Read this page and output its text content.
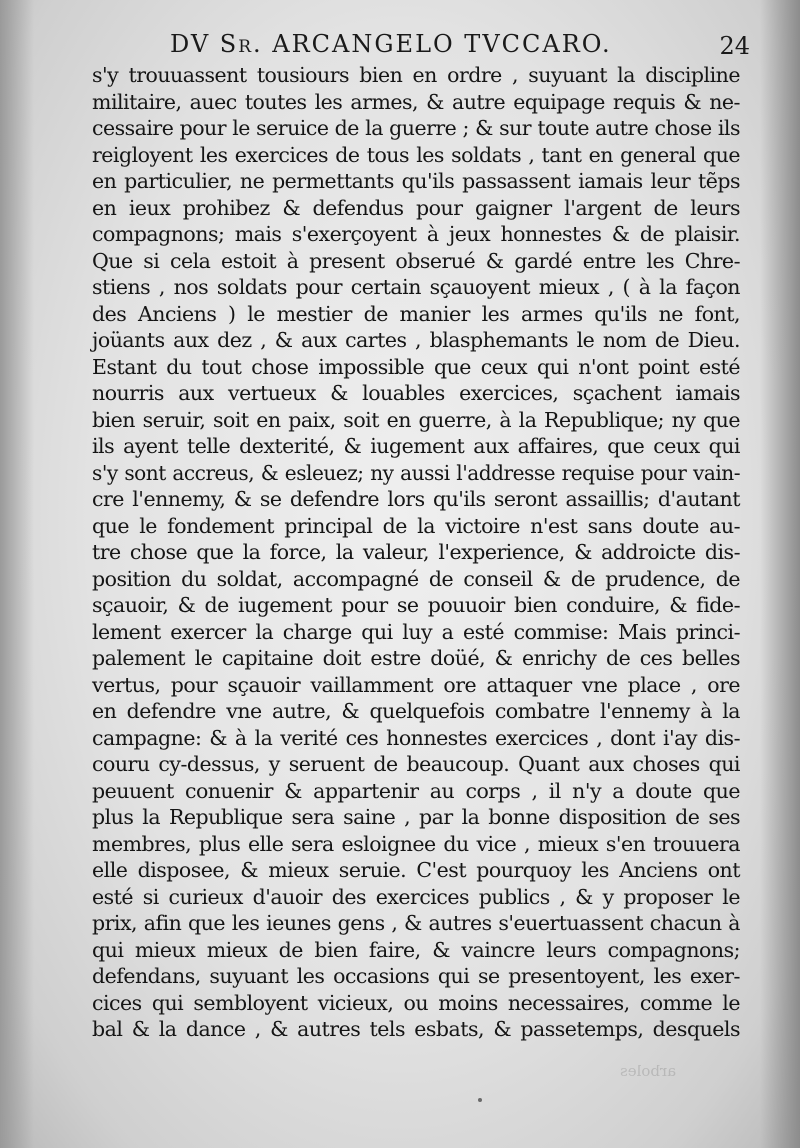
arboles
DV Sr. ARCANGELO TVCCARO.	24
s'y trouuassent tousiours bien en ordre , suyuant la discipline
militaire, auec toutes les armes, & autre equipage requis & ne-
cessaire pour le seruice de la guerre ; & sur toute autre chose ils
reigloyent les exercices de tous les soldats , tant en general que
en particulier, ne permettants qu'ils passassent iamais leur tẽps
en ieux prohibez & defendus pour gaigner l'argent de leurs
compagnons; mais s'exerçoyent à jeux honnestes & de plaisir.
Que si cela estoit à present obserué & gardé entre les Chre-
stiens , nos soldats pour certain sçauoyent mieux , ( à la façon
des Anciens ) le mestier de manier les armes qu'ils ne font,
joüants aux dez , & aux cartes , blasphemants le nom de Dieu.
Estant du tout chose impossible que ceux qui n'ont point esté
nourris aux vertueux & louables exercices, sçachent iamais
bien seruir, soit en paix, soit en guerre, à la Republique; ny que
ils ayent telle dexterité, & iugement aux affaires, que ceux qui
s'y sont accreus, & esleuez; ny aussi l'addresse requise pour vain-
cre l'ennemy, & se defendre lors qu'ils seront assaillis; d'autant
que le fondement principal de la victoire n'est sans doute au-
tre chose que la force, la valeur, l'experience, & addroicte dis-
position du soldat, accompagné de conseil & de prudence, de
sçauoir, & de iugement pour se pouuoir bien conduire, & fide-
lement exercer la charge qui luy a esté commise: Mais princi-
palement le capitaine doit estre doüé, & enrichy de ces belles
vertus, pour sçauoir vaillamment ore attaquer vne place , ore
en defendre vne autre, & quelquefois combatre l'ennemy à la
campagne: & à la verité ces honnestes exercices , dont i'ay dis-
couru cy-dessus, y seruent de beaucoup. Quant aux choses qui
peuuent conuenir & appartenir au corps , il n'y a doute que
plus la Republique sera saine , par la bonne disposition de ses
membres, plus elle sera esloignee du vice , mieux s'en trouuera
elle disposee, & mieux seruie. C'est pourquoy les Anciens ont
esté si curieux d'auoir des exercices publics , & y proposer le
prix, afin que les ieunes gens , & autres s'euertuassent chacun à
qui mieux mieux de bien faire, & vaincre leurs compagnons;
defendans, suyuant les occasions qui se presentoyent, les exer-
cices qui sembloyent vicieux, ou moins necessaires, comme le
bal & la dance , & autres tels esbats, & passetemps, desquels
